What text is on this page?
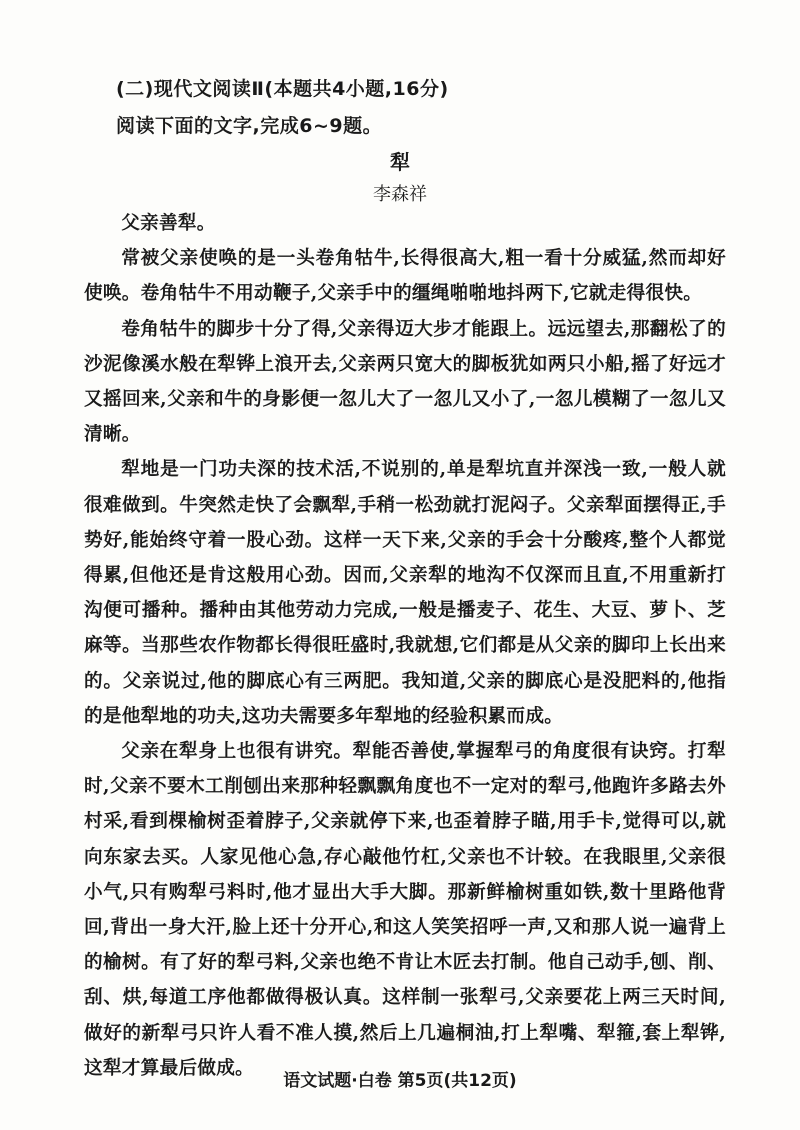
(二)现代文阅读Ⅱ(本题共4小题,16分)
阅读下面的文字,完成6~9题。
犁
李森祥

父亲善犁。

常被父亲使唤的是一头卷角牯牛,长得很高大,粗一看十分威猛,然而却好使唤。卷角牯牛不用动鞭子,父亲手中的缰绳啪啪地抖两下,它就走得很快。

卷角牯牛的脚步十分了得,父亲得迈大步才能跟上。远远望去,那翻松了的沙泥像溪水般在犁铧上浪开去,父亲两只宽大的脚板犹如两只小船,摇了好远才又摇回来,父亲和牛的身影便一忽儿大了一忽儿又小了,一忽儿模糊了一忽儿又清晰。

犁地是一门功夫深的技术活,不说别的,单是犁坑直并深浅一致,一般人就很难做到。牛突然走快了会飘犁,手稍一松劲就打泥闷子。父亲犁面摆得正,手势好,能始终守着一股心劲。这样一天下来,父亲的手会十分酸疼,整个人都觉得累,但他还是肯这般用心劲。因而,父亲犁的地沟不仅深而且直,不用重新打沟便可播种。播种由其他劳动力完成,一般是播麦子、花生、大豆、萝卜、芝麻等。当那些农作物都长得很旺盛时,我就想,它们都是从父亲的脚印上长出来的。父亲说过,他的脚底心有三两肥。我知道,父亲的脚底心是没肥料的,他指的是他犁地的功夫,这功夫需要多年犁地的经验积累而成。

父亲在犁身上也很有讲究。犁能否善使,掌握犁弓的角度很有诀窍。打犁时,父亲不要木工削刨出来那种轻飘飘角度也不一定对的犁弓,他跑许多路去外村采,看到棵榆树歪着脖子,父亲就停下来,也歪着脖子瞄,用手卡,觉得可以,就向东家去买。人家见他心急,存心敲他竹杠,父亲也不计较。在我眼里,父亲很小气,只有购犁弓料时,他才显出大手大脚。那新鲜榆树重如铁,数十里路他背回,背出一身大汗,脸上还十分开心,和这人笑笑招呼一声,又和那人说一遍背上的榆树。有了好的犁弓料,父亲也绝不肯让木匠去打制。他自己动手,刨、削、刮、烘,每道工序他都做得极认真。这样制一张犁弓,父亲要花上两三天时间,做好的新犁弓只许人看不准人摸,然后上几遍桐油,打上犁嘴、犁箍,套上犁铧,这犁才算最后做成。

语文试题·白卷 第5页(共12页)
